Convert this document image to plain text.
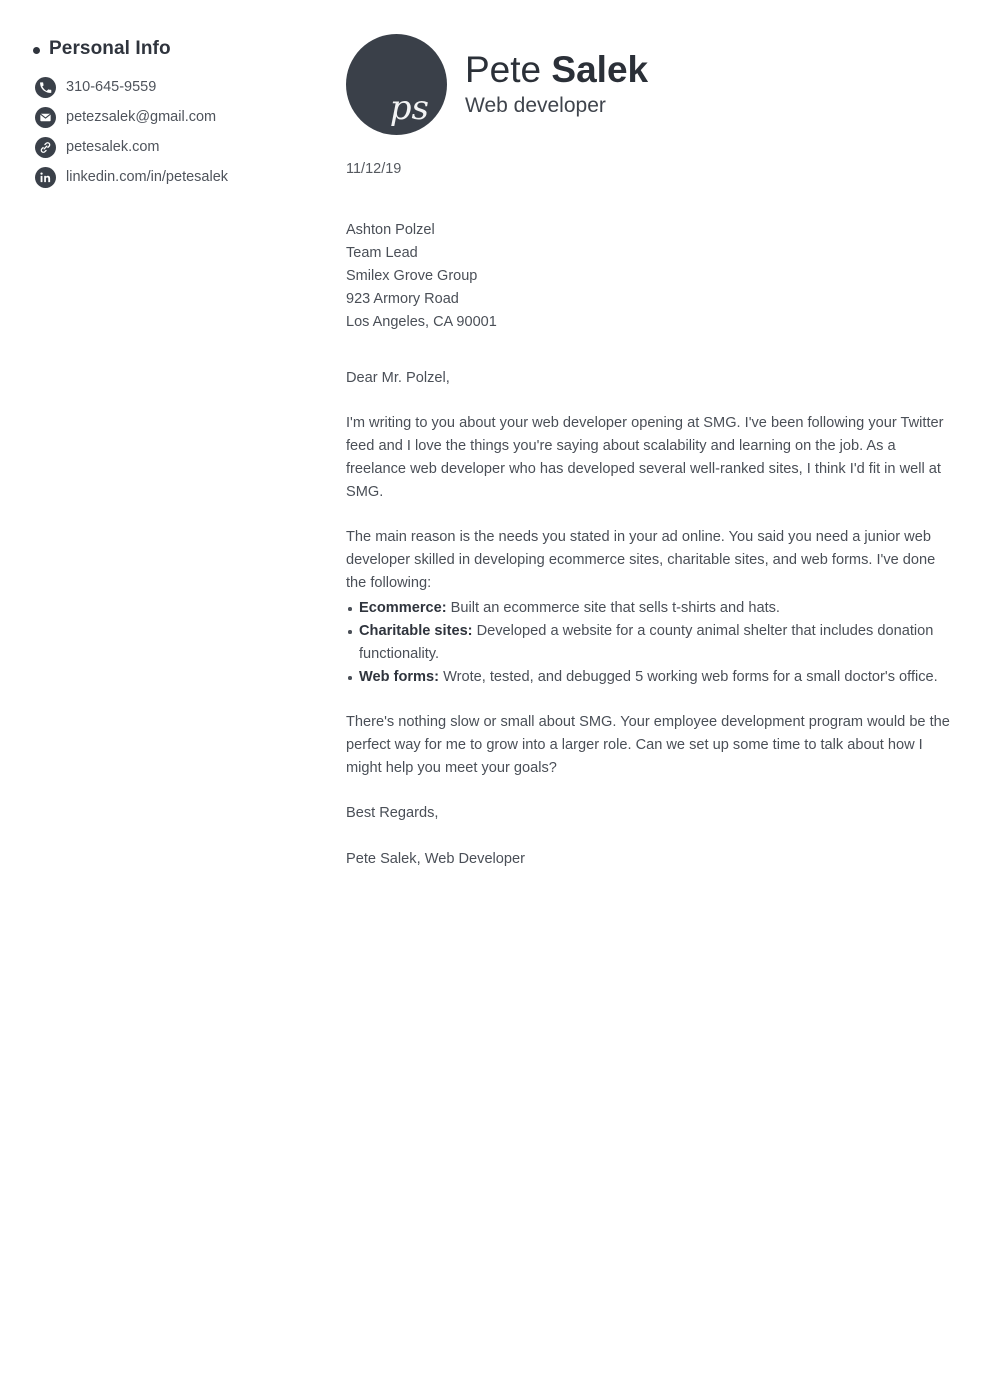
Personal Info
310-645-9559
petezsalek@gmail.com
petesalek.com
linkedin.com/in/petesalek
ps
Pete Salek
Web developer
11/12/19
Ashton Polzel
Team Lead
Smilex Grove Group
923 Armory Road
Los Angeles, CA 90001

Dear Mr. Polzel,

I'm writing to you about your web developer opening at SMG. I've been following your Twitter feed and I love the things you're saying about scalability and learning on the job. As a freelance web developer who has developed several well-ranked sites, I think I'd fit in well at SMG.

The main reason is the needs you stated in your ad online. You said you need a junior web developer skilled in developing ecommerce sites, charitable sites, and web forms. I've done the following:

Ecommerce: Built an ecommerce site that sells t-shirts and hats.
Charitable sites: Developed a website for a county animal shelter that includes donation functionality.
Web forms: Wrote, tested, and debugged 5 working web forms for a small doctor's office.

There's nothing slow or small about SMG. Your employee development program would be the perfect way for me to grow into a larger role. Can we set up some time to talk about how I might help you meet your goals?

Best Regards,

Pete Salek, Web Developer
